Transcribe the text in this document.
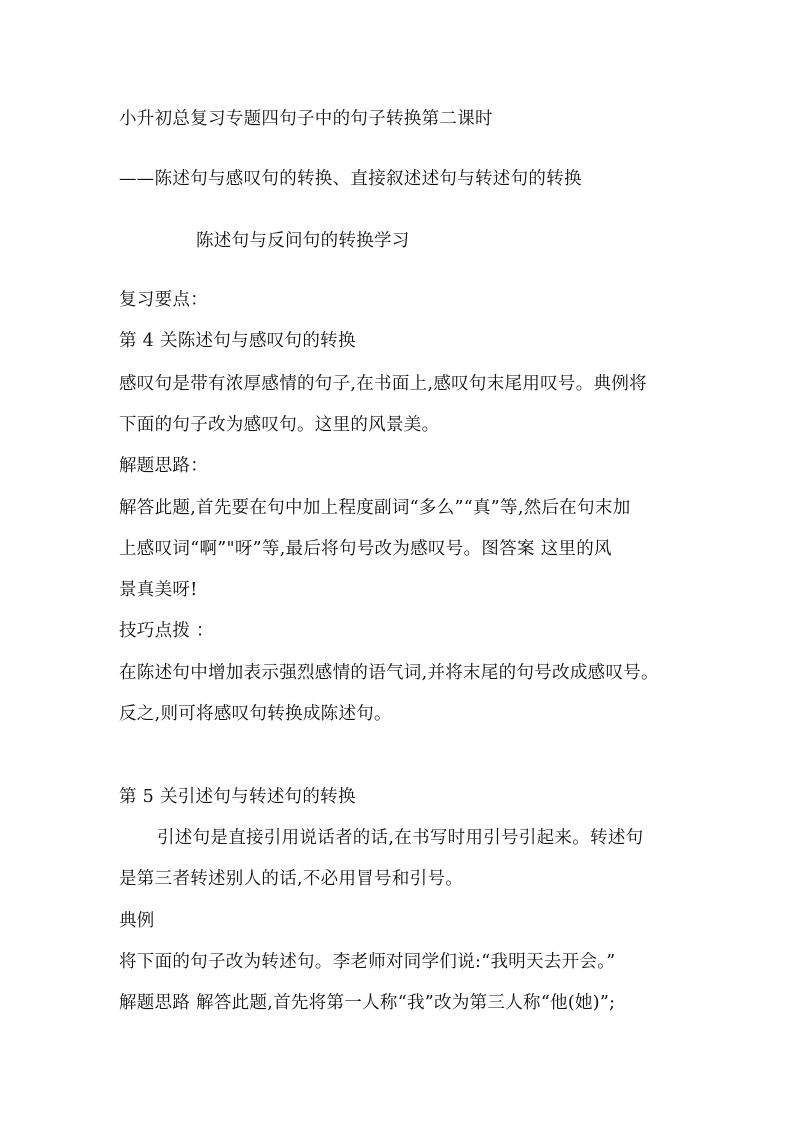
小升初总复习专题四句子中的句子转换第二课时
——陈述句与感叹句的转换、直接叙述述句与转述句的转换
陈述句与反问句的转换学习
复习要点：
第 4 关陈述句与感叹句的转换
感叹句是带有浓厚感情的句子,在书面上,感叹句末尾用叹号。典例将
下面的句子改为感叹句。这里的风景美。
解题思路：
解答此题,首先要在句中加上程度副词“多么”“真”等,然后在句末加
上感叹词“啊”"呀”等,最后将句号改为感叹号。图答案 这里的风
景真美呀!
技巧点拨 ：
在陈述句中增加表示强烈感情的语气词,并将末尾的句号改成感叹号。
反之,则可将感叹句转换成陈述句。
第 5 关引述句与转述句的转换
引述句是直接引用说话者的话,在书写时用引号引起来。转述句
是第三者转述别人的话,不必用冒号和引号。
典例
将下面的句子改为转述句。李老师对同学们说:“我明天去开会。”
解题思路 解答此题,首先将第一人称“我”改为第三人称“他(她)”;
